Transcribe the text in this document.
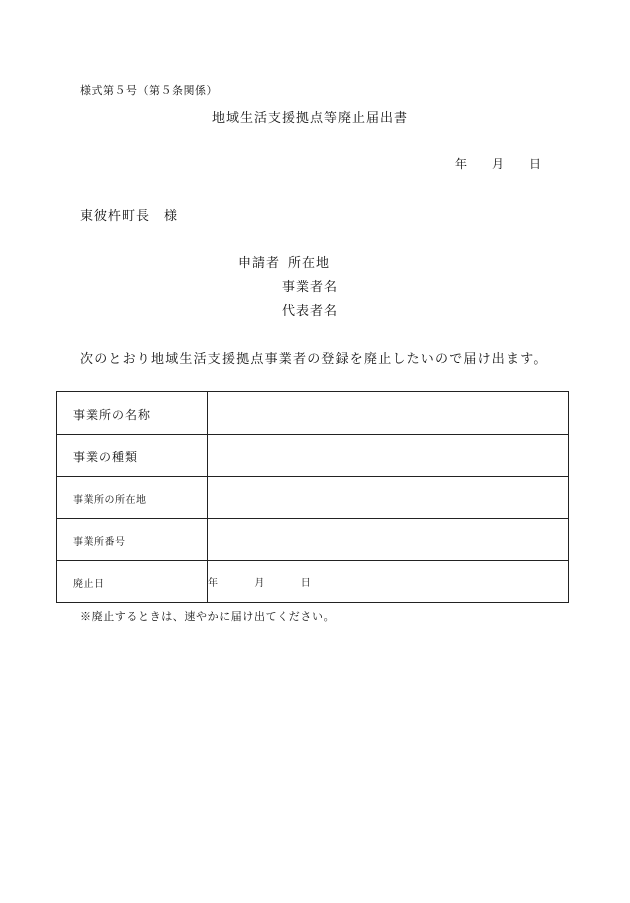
様式第５号（第５条関係）
地域生活支援拠点等廃止届出書
年 月 日
東彼杵町長　様
申請者 所在地
事業者名
代表者名
次のとおり地域生活支援拠点事業者の登録を廃止したいので届け出ます。
事業所の名称	
事業の種類	
事業所の所在地	
事業所番号	
廃止日	年 月 日
※廃止するときは、速やかに届け出てください。
